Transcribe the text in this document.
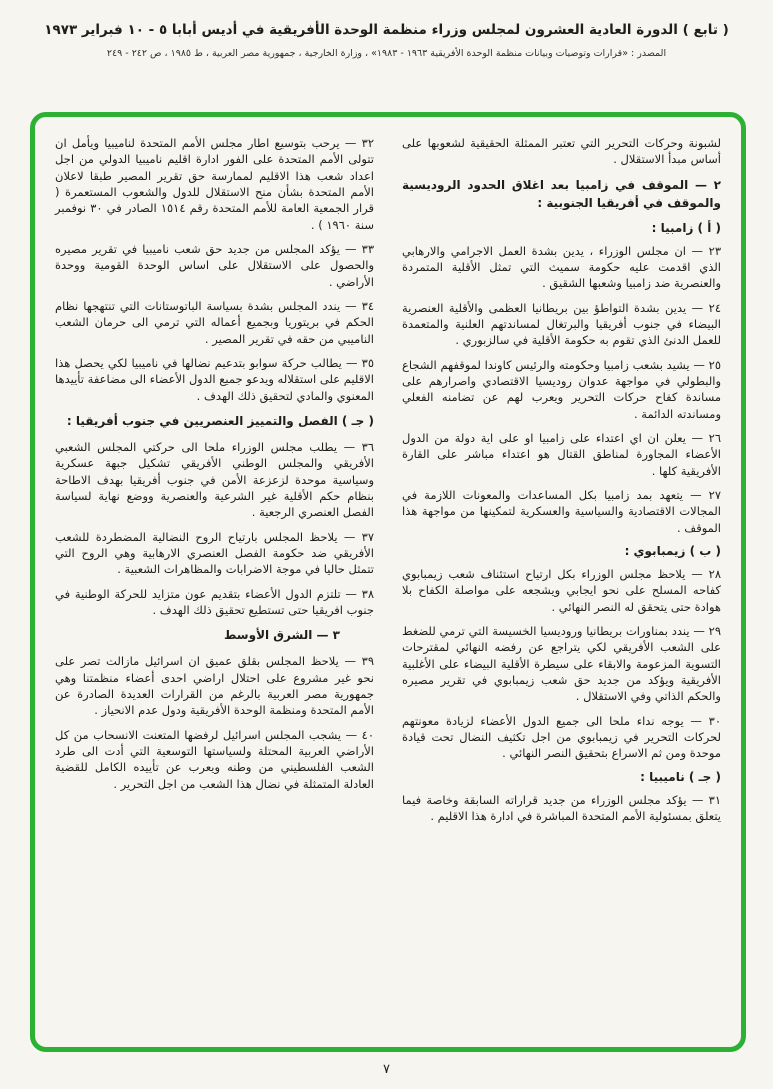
( تابع ) الدورة العادية العشرون لمجلس وزراء منظمة الوحدة الأفريقية في أديس أبابا ٥ - ١٠ فبراير ١٩٧٣
المصدر : «قرارات وتوصيات وبيانات منظمة الوحدة الأفريقية ١٩٦٣ - ١٩٨٣» ، وزارة الخارجية ، جمهورية مصر العربية ، ط ١٩٨٥ ، ص ٢٤٢ - ٢٤٩

لشبونة وحركات التحرير التي تعتبر الممثلة الحقيقية لشعوبها على أساس مبدأ الاستقلال .

٢ — الموقف في زامبيا بعد اغلاق الحدود الروديسية والموقف في أفريقيا الجنوبية :
( أ ) زامبيا :

٢٣ — ان مجلس الوزراء ، يدين بشدة العمل الاجرامي والارهابي الذي اقدمت عليه حكومة سميث التي تمثل الأقلية المتمردة والعنصرية ضد زامبيا وشعبها الشقيق .

٢٤ — يدين بشدة التواطؤ بين بريطانيا العظمى والأقلية العنصرية البيضاء في جنوب أفريقيا والبرتغال لمساندتهم العلنية والمتعمدة للعمل الدنئ الذي تقوم به حكومة الأقلية في سالزبوري .

٢٥ — يشيد بشعب زامبيا وحكومته والرئيس كاوندا لموقفهم الشجاع والبطولي في مواجهة عدوان روديسيا الاقتصادي واصرارهم على مساندة كفاح حركات التحرير ويعرب لهم عن تضامنه الفعلي ومساندته الدائمة .

٢٦ — يعلن ان اي اعتداء على زامبيا او على اية دولة من الدول الأعضاء المجاورة لمناطق القتال هو اعتداء مباشر على القارة الأفريقية كلها .

٢٧ — يتعهد بمد زامبيا بكل المساعدات والمعونات اللازمة في المجالات الاقتصادية والسياسية والعسكرية لتمكينها من مواجهة هذا الموقف .

( ب ) زيمبابوي :

٢٨ — يلاحظ مجلس الوزراء بكل ارتياح استئناف شعب زيمبابوي كفاحه المسلح على نحو ايجابي ويشجعه على مواصلة الكفاح بلا هوادة حتى يتحقق له النصر النهائي .

٢٩ — يندد بمناورات بريطانيا وروديسيا الخسيسة التي ترمي للضغط على الشعب الأفريقي لكي يتراجع عن رفضه النهائي لمقترحات التسوية المزعومة والابقاء على سيطرة الأقلية البيضاء على الأغلبية الأفريقية ويؤكد من جديد حق شعب زيمبابوي في تقرير مصيره والحكم الذاتي وفي الاستقلال .

٣٠ — يوجه نداء ملحا الى جميع الدول الأعضاء لزيادة معونتهم لحركات التحرير في زيمبابوي من اجل تكثيف النضال تحت قيادة موحدة ومن ثم الاسراع بتحقيق النصر النهائي .

( جـ ) ناميبيا :

٣١ — يؤكد مجلس الوزراء من جديد قراراته السابقة وخاصة فيما يتعلق بمسئولية الأمم المتحدة المباشرة في ادارة هذا الاقليم .

٣٢ — يرحب بتوسيع اطار مجلس الأمم المتحدة لناميبيا ويأمل ان تتولى الأمم المتحدة على الفور ادارة اقليم ناميبيا الدولي من اجل اعداد شعب هذا الاقليم لممارسة حق تقرير المصير طبقا لاعلان الأمم المتحدة بشأن منح الاستقلال للدول والشعوب المستعمرة ( قرار الجمعية العامة للأمم المتحدة رقم ١٥١٤ الصادر في ٣٠ نوفمبر سنة ١٩٦٠ ) .

٣٣ — يؤكد المجلس من جديد حق شعب ناميبيا في تقرير مصيره والحصول على الاستقلال على اساس الوحدة القومية ووحدة الأراضي .

٣٤ — يندد المجلس بشدة بسياسة الباتوستانات التي تنتهجها نظام الحكم في بريتوريا وبجميع أعماله التي ترمي الى حرمان الشعب الناميبي من حقه في تقرير المصير .

٣٥ — يطالب حركة سوابو بتدعيم نضالها في ناميبيا لكي يحصل هذا الاقليم على استقلاله ويدعو جميع الدول الأعضاء الى مضاعفة تأييدها المعنوي والمادي لتحقيق ذلك الهدف .

( جـ ) الفصل والتمييز العنصريين في جنوب أفريقيا :

٣٦ — يطلب مجلس الوزراء ملحا الى حركتي المجلس الشعبي الأفريقي والمجلس الوطني الأفريقي تشكيل جبهة عسكرية وسياسية موحدة لزعزعة الأمن في جنوب أفريقيا بهدف الاطاحة بنظام حكم الأقلية غير الشرعية والعنصرية ووضع نهاية لسياسة الفصل العنصري الرجعية .

٣٧ — يلاحظ المجلس بارتياح الروح النضالية المضطردة للشعب الأفريقي ضد حكومة الفصل العنصري الارهابية وهي الروح التي تتمثل حاليا في موجة الاضرابات والمظاهرات الشعبية .

٣٨ — تلتزم الدول الأعضاء بتقديم عون متزايد للحركة الوطنية في جنوب افريقيا حتى تستطيع تحقيق ذلك الهدف .

٣ — الشرق الأوسط

٣٩ — يلاحظ المجلس بقلق عميق ان اسرائيل مازالت تصر على نحو غير مشروع على احتلال اراضي احدى أعضاء منظمتنا وهي جمهورية مصر العربية بالرغم من القرارات العديدة الصادرة عن الأمم المتحدة ومنظمة الوحدة الأفريقية ودول عدم الانحياز .

٤٠ — يشجب المجلس اسرائيل لرفضها المتعنت الانسحاب من كل الأراضي العربية المحتلة ولسياستها التوسعية التي أدت الى طرد الشعب الفلسطيني من وطنه ويعرب عن تأييده الكامل للقضية العادلة المتمثلة في نضال هذا الشعب من اجل التحرير .

٧
